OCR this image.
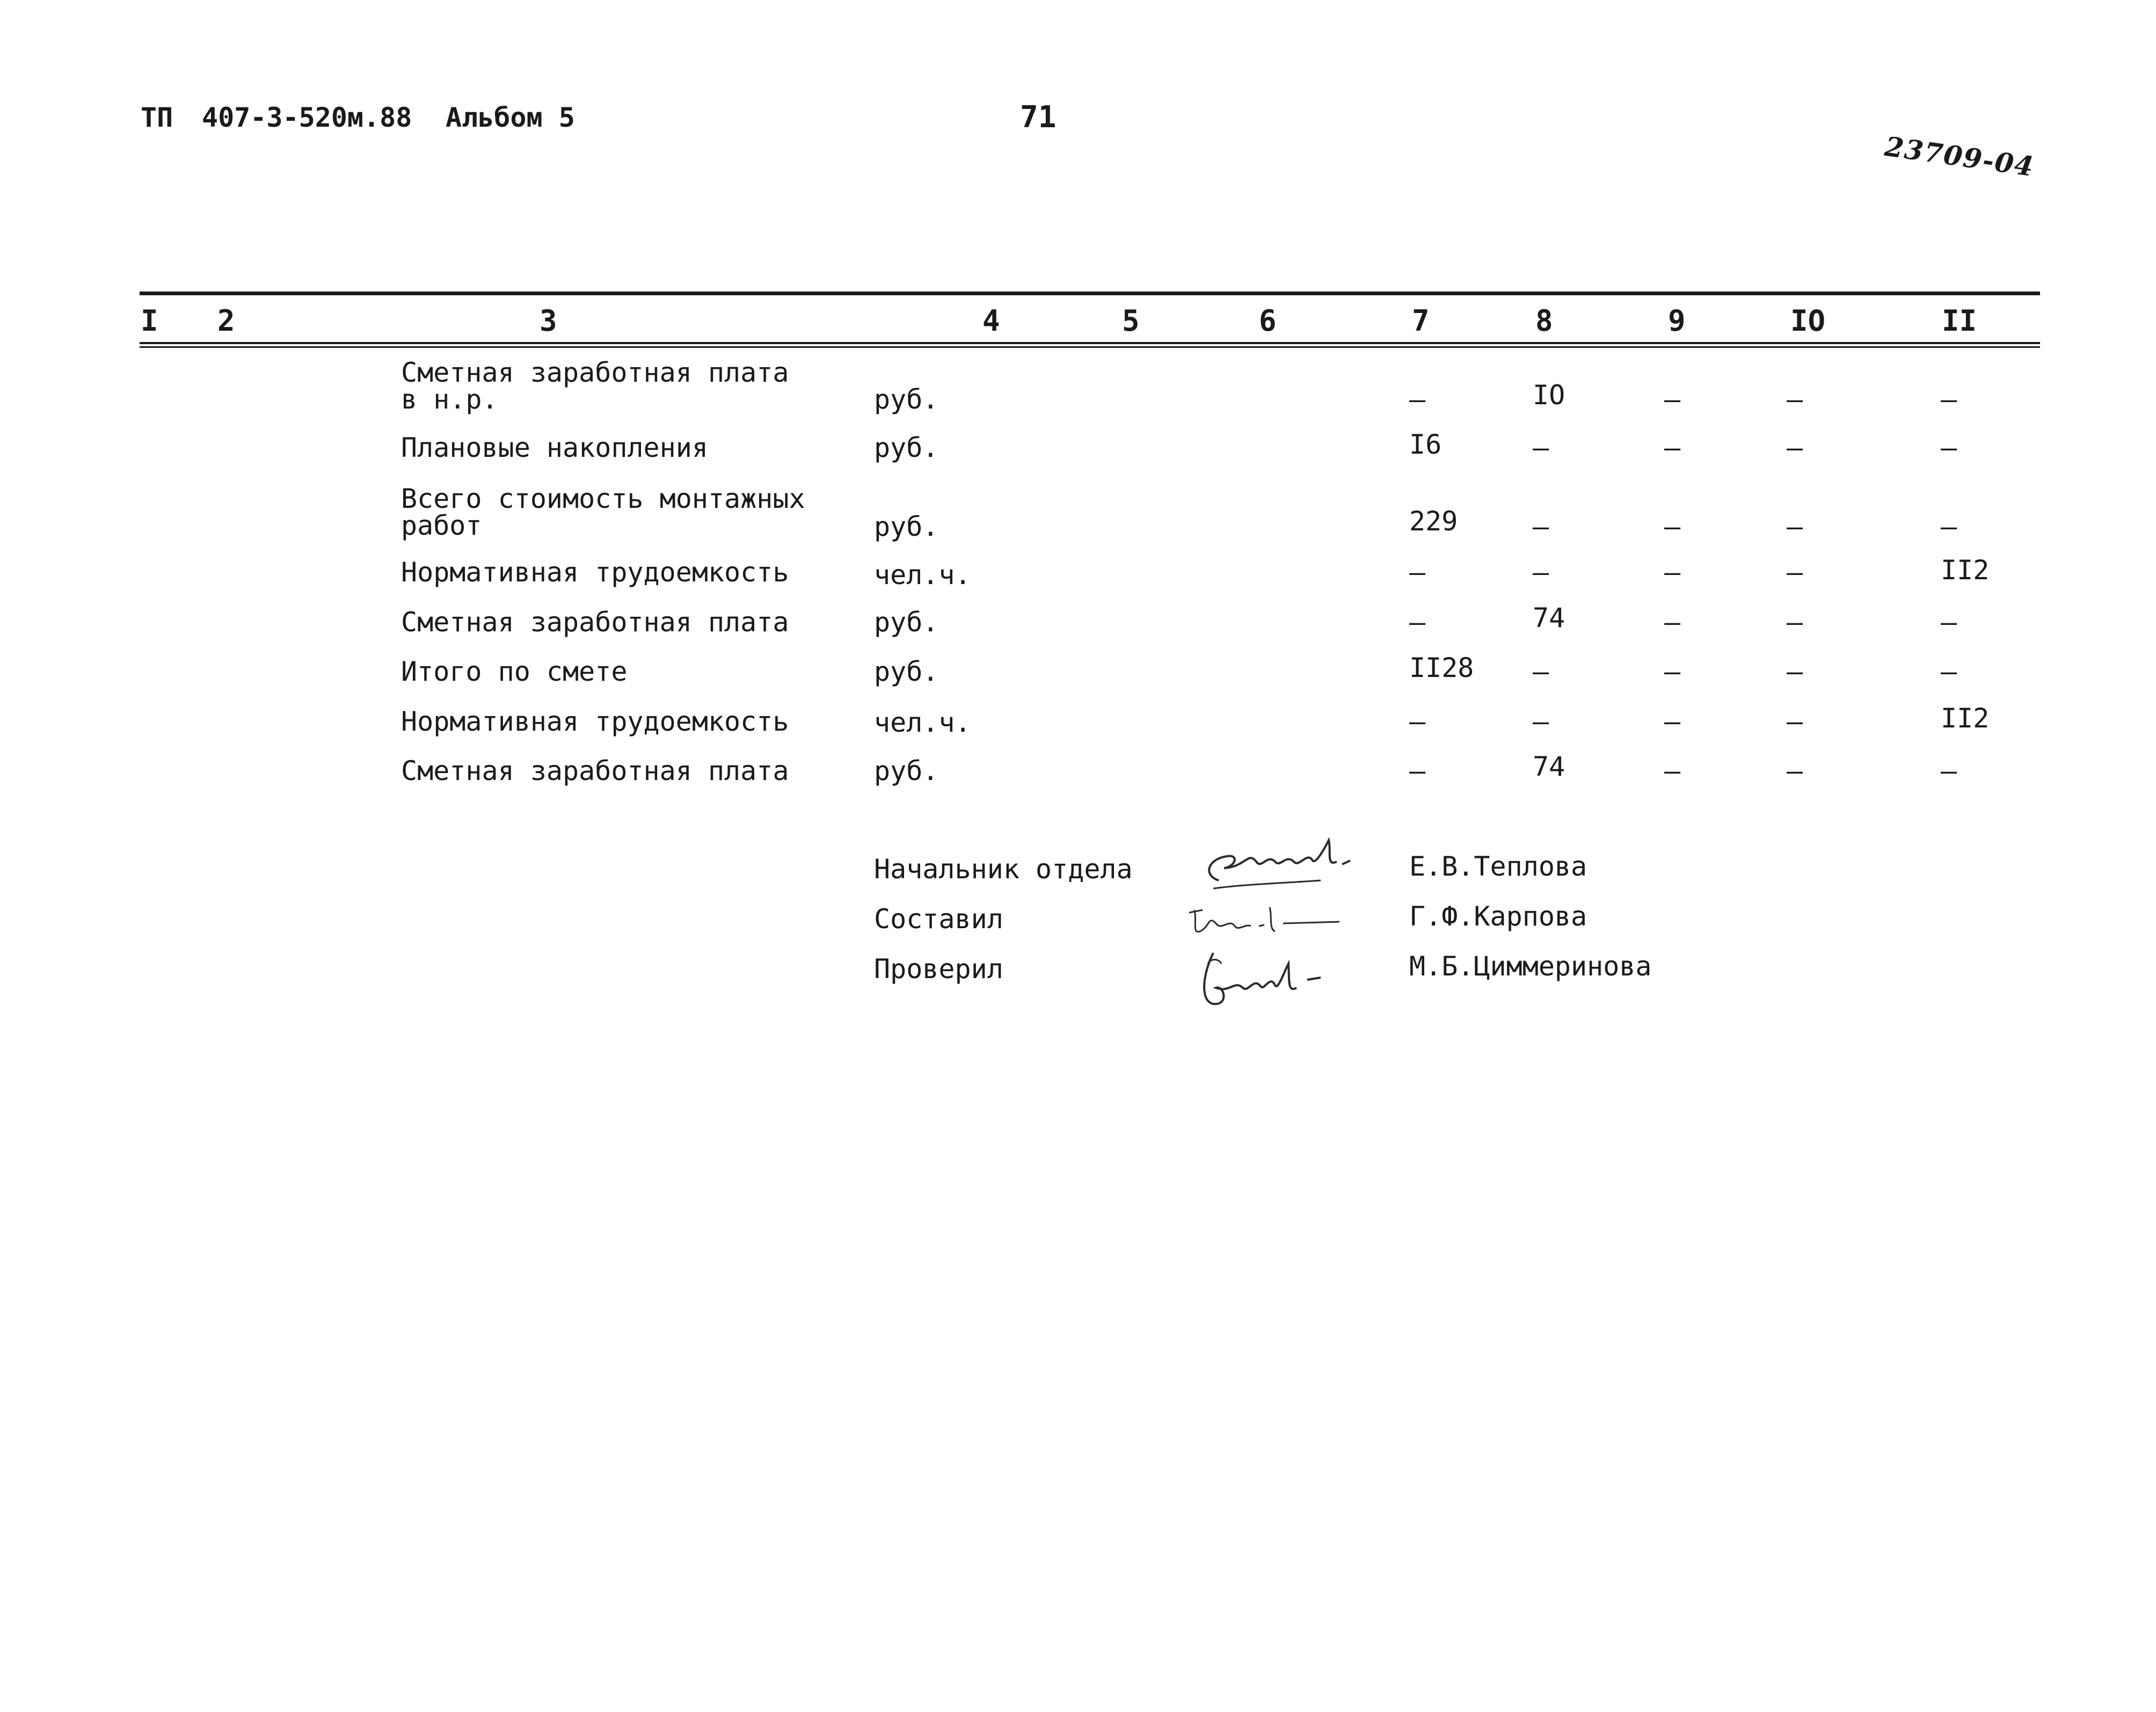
ТП 407-3-520м.88 Альбом 5	71
23709-04
I 2	3	4	5	6	7	8	9	IO	II
Сметная заработная плата
в н.р.	руб.	–	IO	–	–	–
Плановые накопления	руб.	I6	–	–	–	–
Всего стоимость монтажных
работ	руб.	229	–	–	–	–
Нормативная трудоемкость	чел.ч.	–	–	–	–	II2
Сметная заработная плата	руб.	–	74	–	–	–
Итого по смете	руб.	II28 –	–	–	–
Нормативная трудоемкость	чел.ч.	–	–	–	–	II2
Сметная заработная плата	руб.	–	74	–	–	–
Начальник отдела	Е.В.Теплова
Составил	Г.Ф.Карпова
Проверил	М.Б.Циммеринова
